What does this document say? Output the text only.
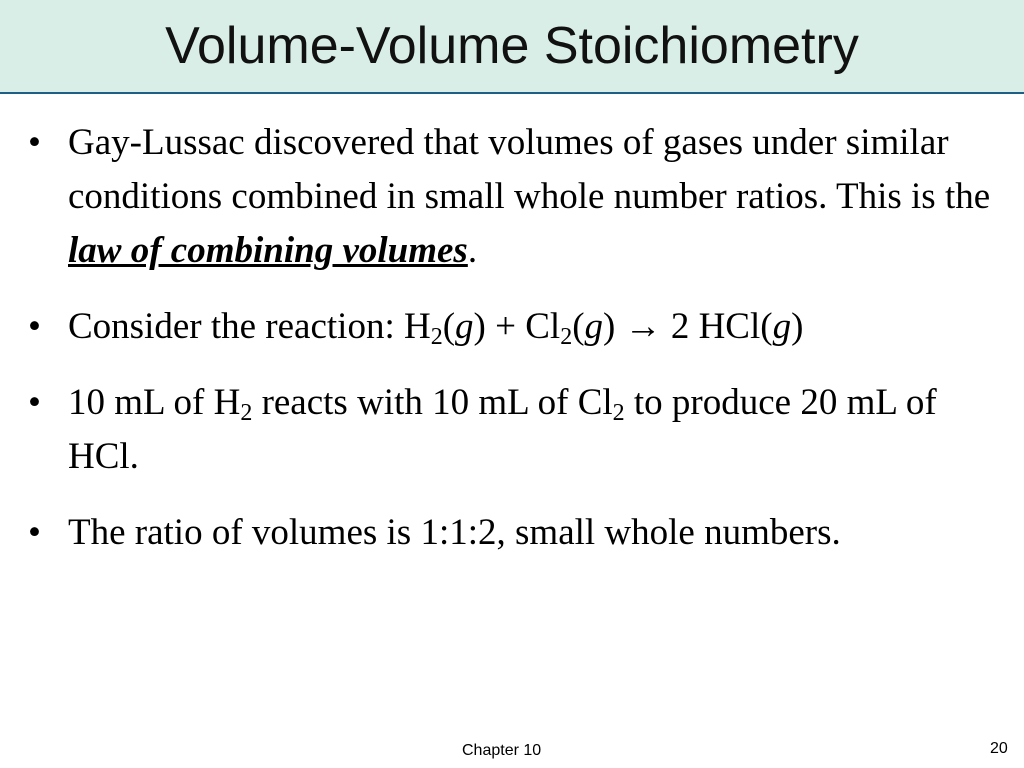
Volume-Volume Stoichiometry
• Gay-Lussac discovered that volumes of gases under similar conditions combined in small whole number ratios. This is the law of combining volumes.
• Consider the reaction: $H_2(g) + Cl_2(g) \to 2$ HCl(g)
• 10 mL of $H_2$ reacts with 10 mL of $Cl_2$ to produce 20 mL of HCl.
• The ratio of volumes is 1:1:2, small whole numbers.
Chapter 10	20
